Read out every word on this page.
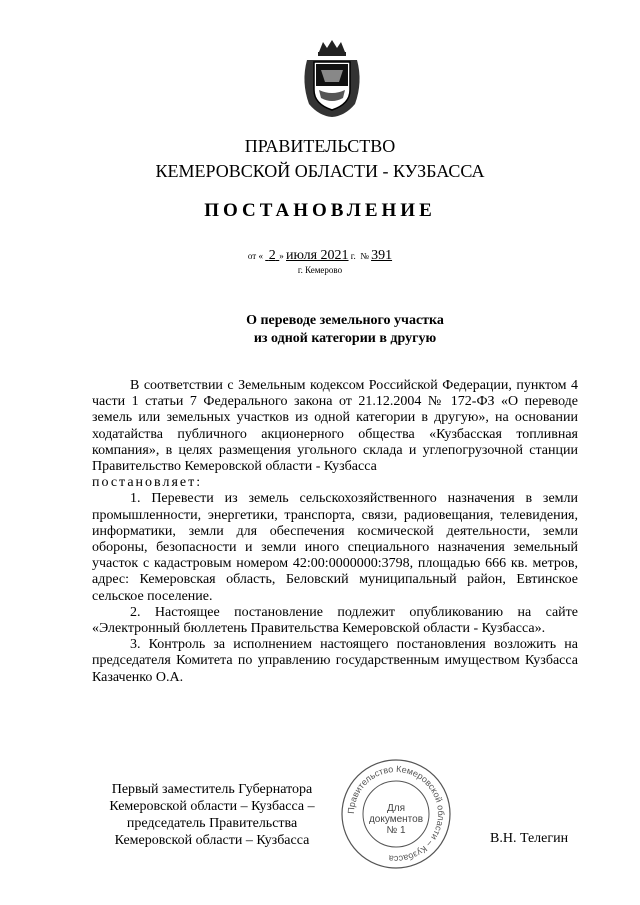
ПРАВИТЕЛЬСТВО
КЕМЕРОВСКОЙ ОБЛАСТИ - КУЗБАССА
ПОСТАНОВЛЕНИЕ
от « 2 » июля 2021 г. № 391
г. Кемерово
О переводе земельного участка
из одной категории в другую

В соответствии с Земельным кодексом Российской Федерации, пунктом 4 части 1 статьи 7 Федерального закона от 21.12.2004 № 172-ФЗ «О переводе земель или земельных участков из одной категории в другую», на основании ходатайства публичного акционерного общества «Кузбасская топливная компания», в целях размещения угольного склада и углепогрузочной станции Правительство Кемеровской области - Кузбасса

постановляет:

1. Перевести из земель сельскохозяйственного назначения в земли промышленности, энергетики, транспорта, связи, радиовещания, телевидения, информатики, земли для обеспечения космической деятельности, земли обороны, безопасности и земли иного специального назначения земельный участок с кадастровым номером 42:00:0000000:3798, площадью 666 кв. метров, адрес: Кемеровская область, Беловский муниципальный район, Евтинское сельское поселение.

2. Настоящее постановление подлежит опубликованию на сайте «Электронный бюллетень Правительства Кемеровской области - Кузбасса».

3. Контроль за исполнением настоящего постановления возложить на председателя Комитета по управлению государственным имуществом Кузбасса Казаченко О.А.

Первый заместитель Губернатора
Кемеровской области – Кузбасса –
председатель Правительства
Кемеровской области – Кузбасса
Правительство Кемеровской области – Кузбасса
Для
документов
№ 1
В.Н. Телегин
